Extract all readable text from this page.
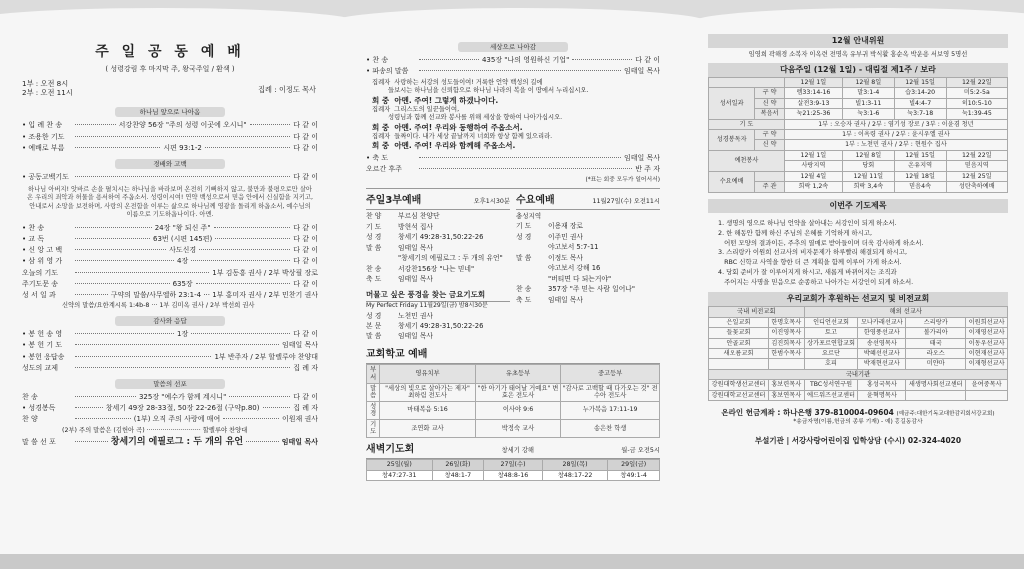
주 일 공 동 예 배
( 성령강림 후 마지막 주, 왕국주일 / 환색 )
1부 : 오전 8시
2부 : 오전 11시	집례 : 이정도 목사
하나님 앞으로 나아옴
• 입 례 찬 송	서강찬양 56장 "주의 성령 이곳에 오시니"	다 같 이
• 조용한 기도	다 같 이
• 예배로 부름	시편 93:1-2	다 같 이
경배와 고백
• 공동고백기도	다 같 이
하나님 아버지! 앗바르 손을 펼치시는 하나님을 바라보며 온전히 기뻐하지 않고, 불만과 불평으로만 살아온 우리의 죄악과 허물을 용서하여 주옵소서. 성령이시여! 연약 백성으로서 믿음 안에서 신실함을 지키고, 안내로서 소망을 보전하며, 사랑의 온전함을 이루는 삶으로 하나님께 영광을 돌리게 하옵소서, 예수님의 이름으로 기도하옵나이다. 아멘.
• 찬 송	24장 "왕 되신 주"	다 같 이
• 교 독	63번 (시편 145편)	다 같 이
• 신 앙 고 백	사도신경	다 같 이
• 삼 위 영 가	4장	다 같 이
오늘의 기도	1부 김동흥 권사 / 2부 박상필 장로
주기도문 송	635장	다 같 이
성 서 일 과	구약의 말씀/사무엘하 23:1-4 ··· 1부 홍미자 권사 / 2부 민찬기 권사
신약의 말씀/요한계시록 1:4b-8 ··· 1부 김미옥 권사 / 2부 박선희 권사
감사와 응답
• 봉 헌 송 영	1장	다 같 이
• 봉 헌 기 도	임태일 목사
• 봉헌 응답송	1부 반주자 / 2부 할렐루야 찬양대
성도의 교제	집 례 자
말씀의 선포
찬 송	325장 "예수가 함께 계시니"	다 같 이
• 성경봉독	창세기 49장 28-33절, 50장 22-26절 (구약p.80)	집 례 자
찬 양	(1부) 오직 주의 사랑에 매여	이원재 권사
(2부) 주의 말씀은 (김헌아 곡) ··························· 할렐루야 찬양대
말 씀 선 포	창세기의 에필로그 : 두 개의 유언	임태일 목사
세상으로 나아감
• 찬 송	435장 "나의 영원하신 기업"	다 같 이
• 파송의 말씀	임태일 목사
집례자  사랑하는 서강의 성도들이여! 거룩한 언약 백성의 길에
들보시는 하나님을 신뢰함으로 하나님 나라의 복을 이 땅에서 누리십시오.
회 중  아멘. 주여! 그렇게 하겠나이다.
집례자  그리스도의 일꾼들이여,
성령님과 함께 선교와 봉사를 위해 세상을 향하여 나아가십시오.
회 중  아멘. 주여! 우리와 동행하여 주옵소서.
집례자  들짜이다. 내가 세상 끝날까지 너희와 항상 함께 있으리라.
회 중  아멘. 주여! 우리와 함께해 주옵소서.
• 축 도	임태일 목사
오르간 후주	반 주 자
(*표는 회중 모두가 일어서서)
주일3부예배	오후1시30분
찬 양	부르심 찬양단
기 도	방현석 집사
성 경	창세기 49:28-31,50:22-26
말 씀	임태일 목사
"창세기의 에필로그 : 두 개의 유언"
찬 송	서강찬156장 "나는 믿네"
축 도	임태일 목사
머물고 싶은 풍경을 찾는 금요기도회
My Perfect Friday 11월29일(금) 밤8시30분
성 경	노천민 권사
본 문	창세기 49:28-31,50:22-26
말 씀	임태일 목사
수요예배	11월27일(수) 오전11시
충성지역
기 도	이용재 장로
성 경	이주민 권사
야고보서 5:7-11
말 씀	이정도 목사
야고보서 강해 16
"버티면 다 되는거야"
찬 송	357장 "주 믿는 사람 일어나"
축 도	임태일 목사
교회학교 예배
부서	영유치부	유초등부	중고등부
말씀	"세상의 빛으로 살아가는 제자" 최하림 전도사	"한 아기가 태어날 거예요" 변효은 전도사	"감사로 고백할 때 다가오는 것" 전수아 전도사
성경	마태복음 5:16	이사야 9:6	누가복음 17:11-19
기도	조연화 교사	박정숙 교사	송은찬 학생
새벽기도회	창세기 강해	월-금 오전5시
25일(월)	26일(화)	27일(수)	28일(목)	29일(금)
창47:27-31	창48:1-7	창48:8-16	창48:17-22	창49:1-4
12월 안내위원
임영희 곽해경 소복자 이옥련 전명옥 유부귀 박식활 홍순옥 박운용 서보영 5명선
다음주일 (12월 1일) - 대림절 제1주 / 보라
		12월 1일	12월 8일	12월 15일	12월 22일
성서일과	구 약	렘33:14-16	말3:1-4	습3:14-20	미5:2-5a
	신 약	살전3:9-13	빌1:3-11	빌4:4-7	히10:5-10
	복음서	눅21:25-36	눅3:1-6	눅3:7-18	눅1:39-45
기 도		1부 : 오승자 권사 / 2부 : 염기성 장로 / 3부 : 이윤겸 청년			
성경봉독자	구 약	1부 : 이옥령 권사 / 2부 : 윤시우엘 권사			
	신 약	1부 : 노천민 권사 / 2부 : 현원수 집사			
예천봉사		12월 1일	12월 8일	12월 15일	12월 22일
		사랑지역	당회	온유지역	믿음지역
수요예배		12월 4일	12월 11일	12월 18일	12월 25일
	주 관	희락 1,2속	희락 3,4속	믿음4속	성탄축하예배
이번주 기도제목
1. 생명의 영으로 하나님 언약을 살아내는 서강인이 되게 하소서.
2. 한 해동안 함께 하신 주님의 은혜를 기억하게 하시고,
어떤 모양의 결과이든, 주추의 열매로 받아들이며 더욱 감사하게 하소서.
3. 스리랑카 이원희 선교사의 비자문제가 하루빨리 해결되게 하시고,
RBC 신학교 사역을 향한 더 큰 계획을 함께 이루어 가게 하소서.
4. 당회 준비가 잘 이루어지게 하시고, 새롭게 바뀌어지는 조직과
주어지는 사명을 믿음으로 순종하고 나아가는 서강인이 되게 하소서.
우리교회가 후원하는 선교지 및 비전교회
국내 비전교회		해외 선교사			
은일교회	한명호목사	인디언선교회	모나카래선교사	스리랑카	이원희선교사
들꽃교회	이진영목사	토고	한영풍선교사	볼가리아	이재영선교사
안골교회	김진희목사	상가포르연합교회	송선영목사	태국	이동우선교사
새오름교회	한범수목사	요르단	박혜선선교사	라오스	이현재선교사
		호피	박재현선교사	미얀마	이재형선교사
국내기관					
강원대학생선교센터	홍보련목사	TBC성서연구원	홍성국목사	새생명사회선교센터	윤여중목사
강원대학교선교센터	홍보연목사	에드워즈선교센터	윤혁명목사		
온라인 헌금계좌 : 하나은행 379-810004-09604 (예금주:대한기독교대한감리회서강교회)
*송금자명(이름,헌금의 종류 기재) - 예) 홍길동감사
부설기관 | 서강사랑어린이집 입학상담 (수시) 02-324-4020
